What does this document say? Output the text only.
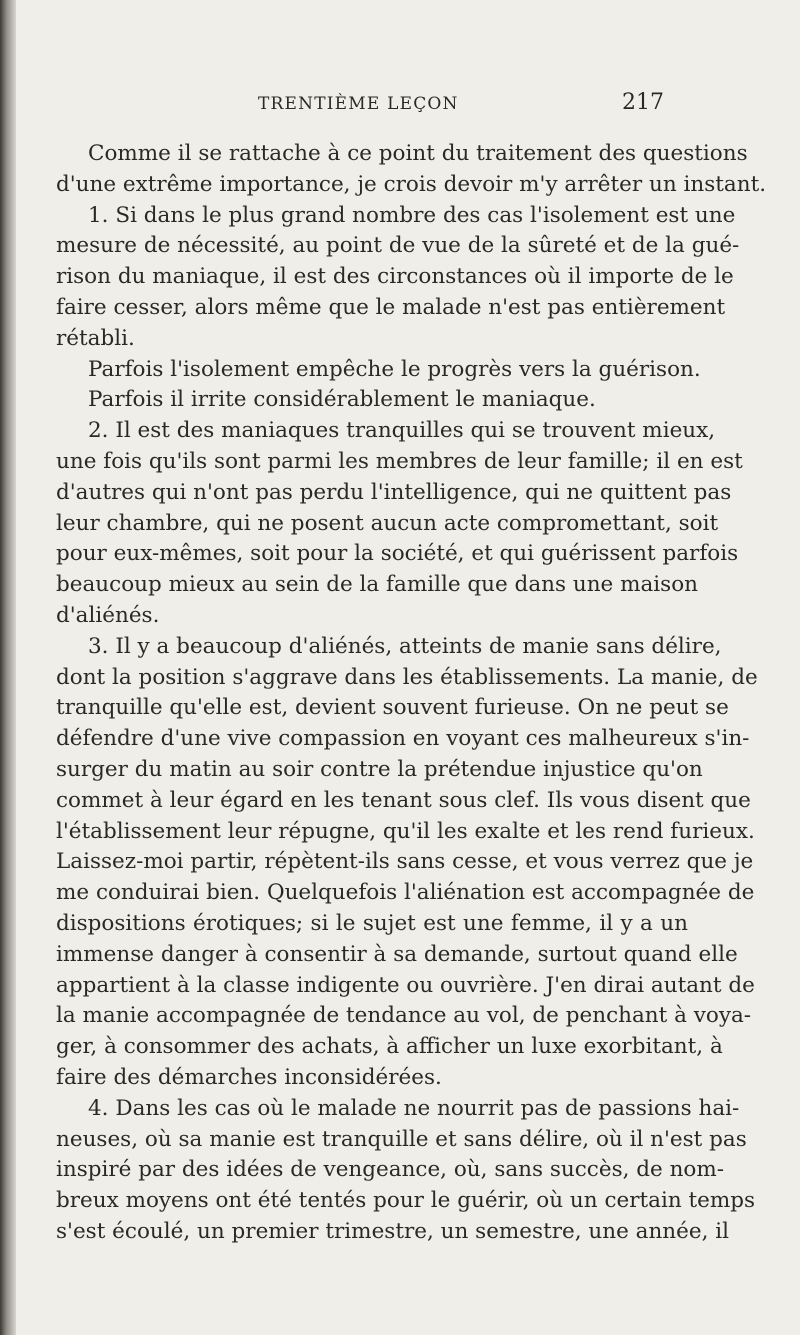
TRENTIÈME LEÇON	217
Comme il se rattache à ce point du traitement des questions
d'une extrême importance, je crois devoir m'y arrêter un instant.
1. Si dans le plus grand nombre des cas l'isolement est une
mesure de nécessité, au point de vue de la sûreté et de la gué-
rison du maniaque, il est des circonstances où il importe de le
faire cesser, alors même que le malade n'est pas entièrement
rétabli.
Parfois l'isolement empêche le progrès vers la guérison.
Parfois il irrite considérablement le maniaque.
2. Il est des maniaques tranquilles qui se trouvent mieux,
une fois qu'ils sont parmi les membres de leur famille; il en est
d'autres qui n'ont pas perdu l'intelligence, qui ne quittent pas
leur chambre, qui ne posent aucun acte compromettant, soit
pour eux-mêmes, soit pour la société, et qui guérissent parfois
beaucoup mieux au sein de la famille que dans une maison
d'aliénés.
3. Il y a beaucoup d'aliénés, atteints de manie sans délire,
dont la position s'aggrave dans les établissements. La manie, de
tranquille qu'elle est, devient souvent furieuse. On ne peut se
défendre d'une vive compassion en voyant ces malheureux s'in-
surger du matin au soir contre la prétendue injustice qu'on
commet à leur égard en les tenant sous clef. Ils vous disent que
l'établissement leur répugne, qu'il les exalte et les rend furieux.
Laissez-moi partir, répètent-ils sans cesse, et vous verrez que je
me conduirai bien. Quelquefois l'aliénation est accompagnée de
dispositions érotiques; si le sujet est une femme, il y a un
immense danger à consentir à sa demande, surtout quand elle
appartient à la classe indigente ou ouvrière. J'en dirai autant de
la manie accompagnée de tendance au vol, de penchant à voya-
ger, à consommer des achats, à afficher un luxe exorbitant, à
faire des démarches inconsidérées.
4. Dans les cas où le malade ne nourrit pas de passions hai-
neuses, où sa manie est tranquille et sans délire, où il n'est pas
inspiré par des idées de vengeance, où, sans succès, de nom-
breux moyens ont été tentés pour le guérir, où un certain temps
s'est écoulé, un premier trimestre, un semestre, une année, il
